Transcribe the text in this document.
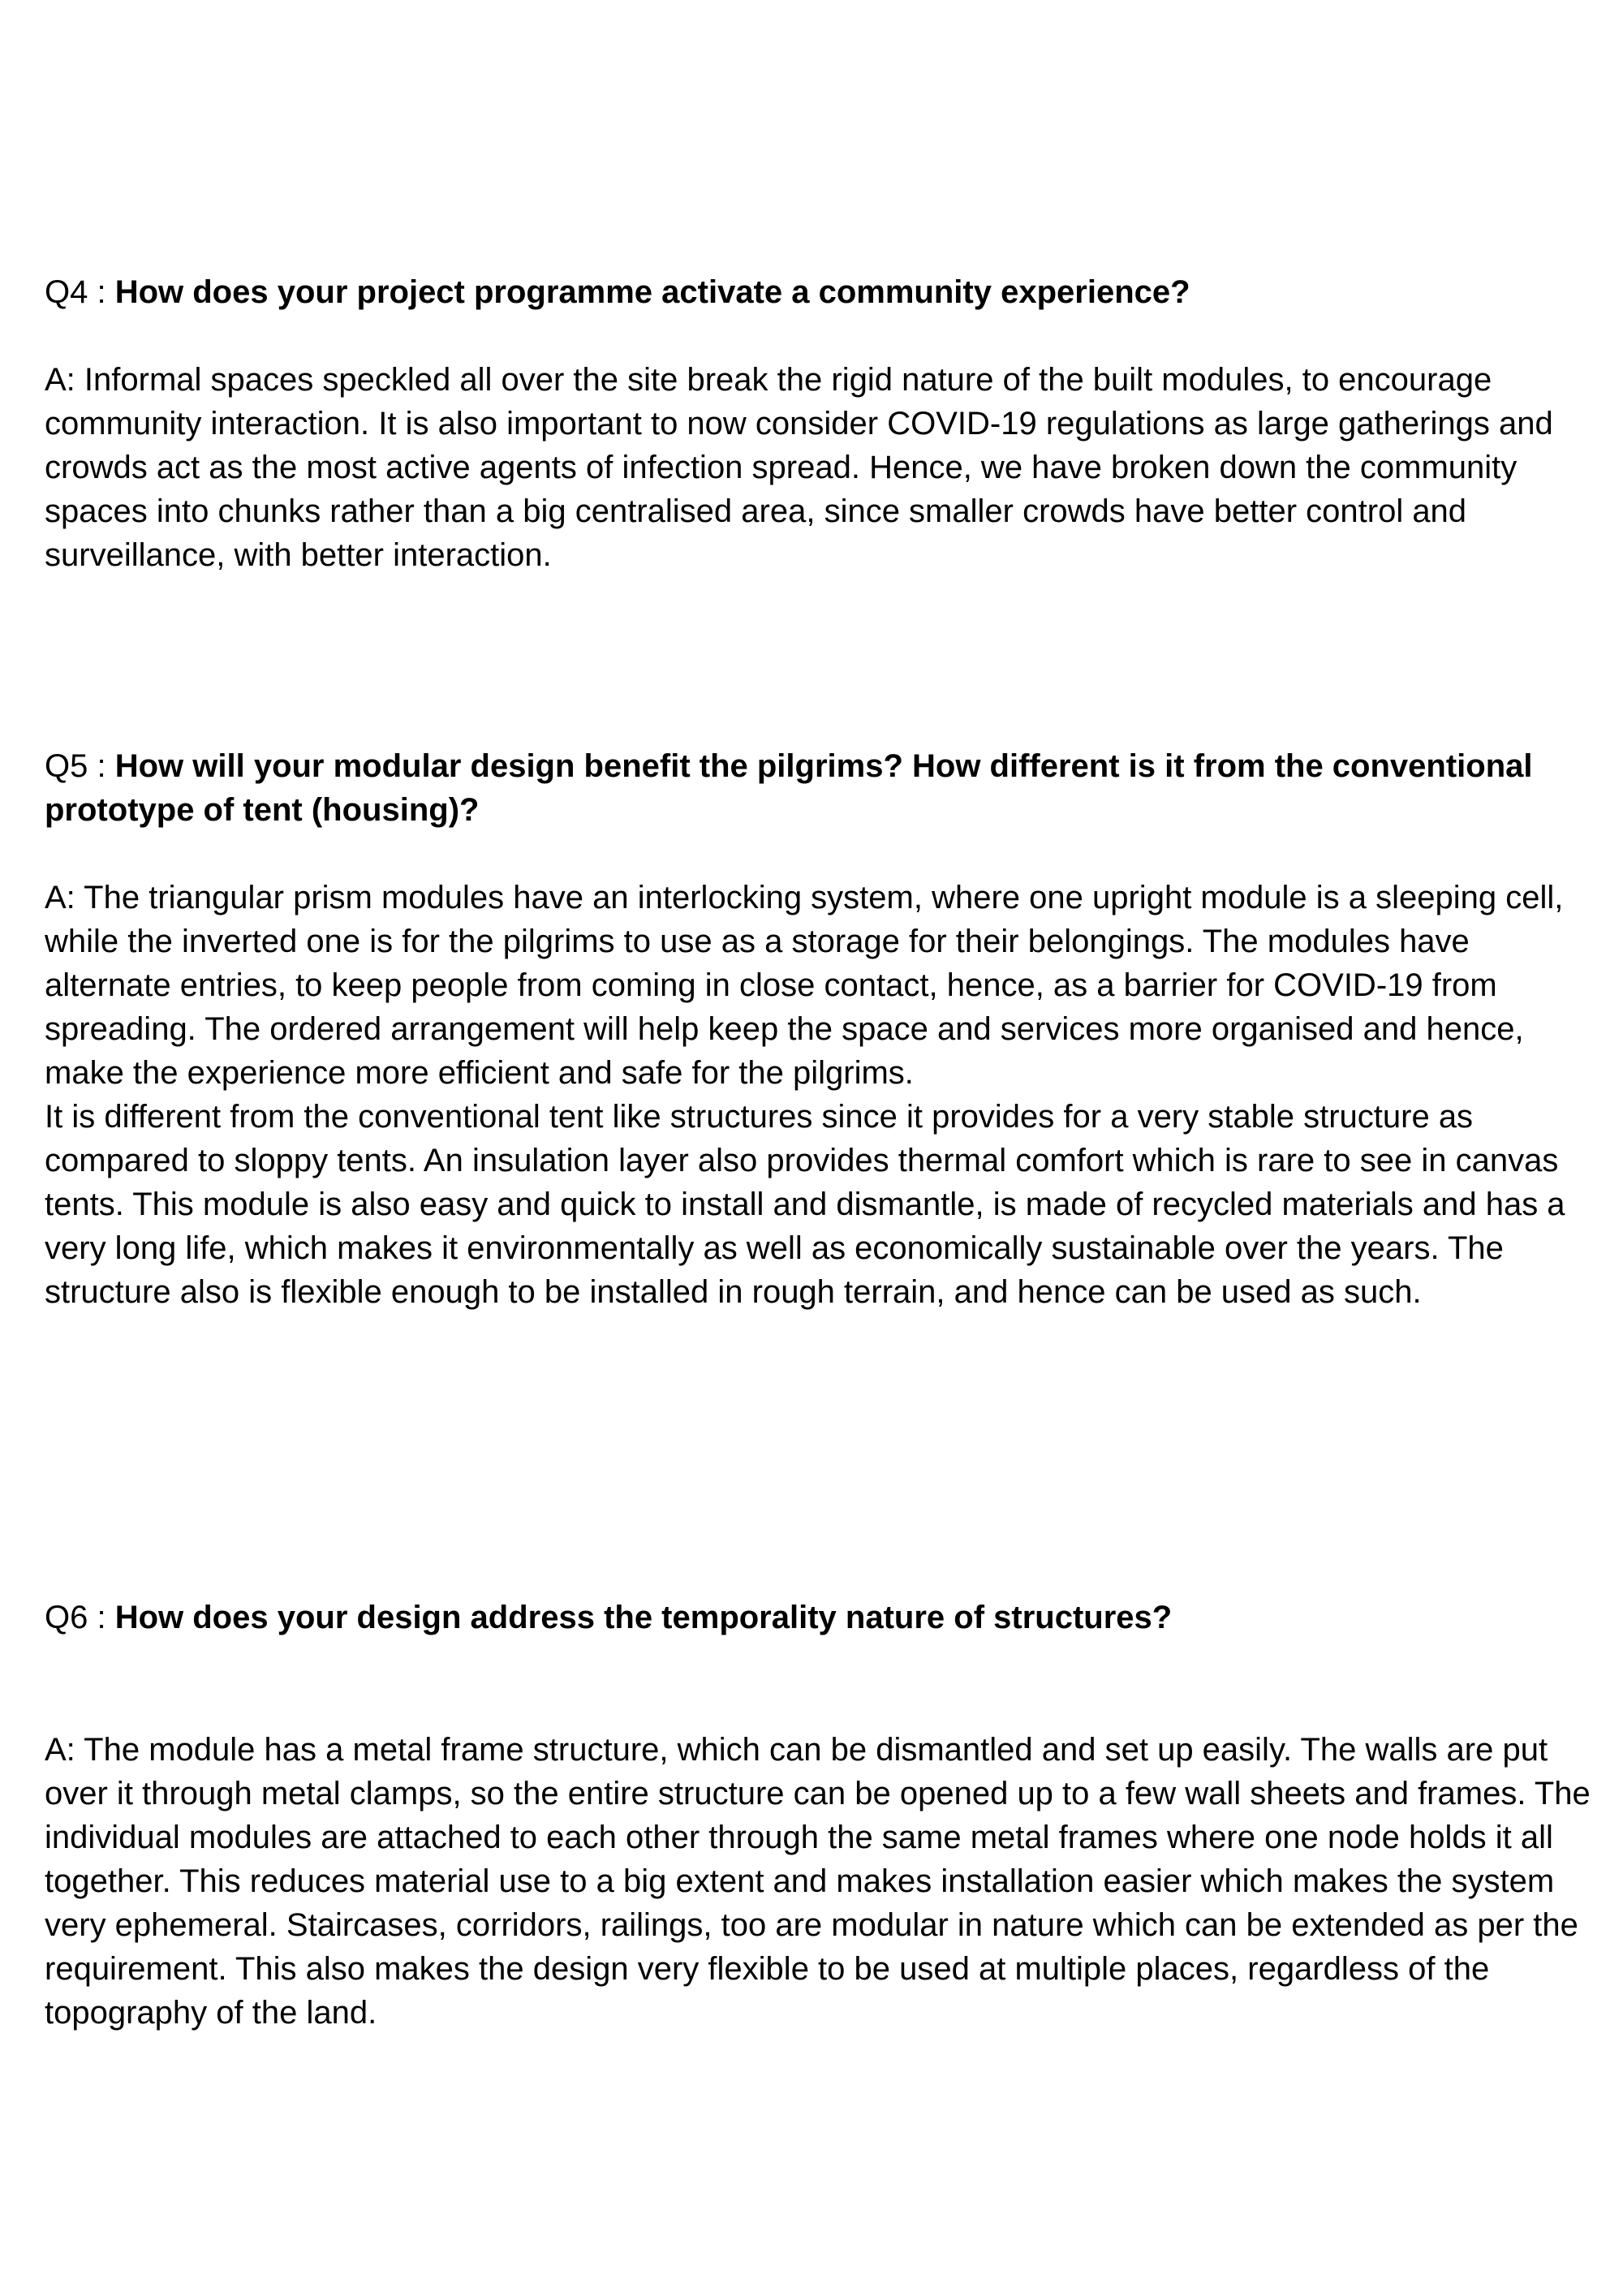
Q4 : How does your project programme activate a community experience?

A: Informal spaces speckled all over the site break the rigid nature of the built modules, to encourage community interaction. It is also important to now consider COVID-19 regulations as large gatherings and crowds act as the most active agents of infection spread. Hence, we have broken down the community spaces into chunks rather than a big centralised area, since smaller crowds have better control and surveillance, with better interaction.

Q5 : How will your modular design benefit the pilgrims? How different is it from the conventional prototype of tent (housing)?

A: The triangular prism modules have an interlocking system, where one upright module is a sleeping cell, while the inverted one is for the pilgrims to use as a storage for their belongings. The modules have alternate entries, to keep people from coming in close contact, hence, as a barrier for COVID-19 from spreading. The ordered arrangement will help keep the space and services more organised and hence, make the experience more efficient and safe for the pilgrims.

It is different from the conventional tent like structures since it provides for a very stable structure as compared to sloppy tents. An insulation layer also provides thermal comfort which is rare to see in canvas tents. This module is also easy and quick to install and dismantle, is made of recycled materials and has a very long life, which makes it environmentally as well as economically sustainable over the years. The structure also is flexible enough to be installed in rough terrain, and hence can be used as such.

Q6 : How does your design address the temporality nature of structures?

A: The module has a metal frame structure, which can be dismantled and set up easily. The walls are put over it through metal clamps, so the entire structure can be opened up to a few wall sheets and frames. The individual modules are attached to each other through the same metal frames where one node holds it all together. This reduces material use to a big extent and makes installation easier which makes the system very ephemeral. Staircases, corridors, railings, too are modular in nature which can be extended as per the requirement. This also makes the design very flexible to be used at multiple places, regardless of the topography of the land.
